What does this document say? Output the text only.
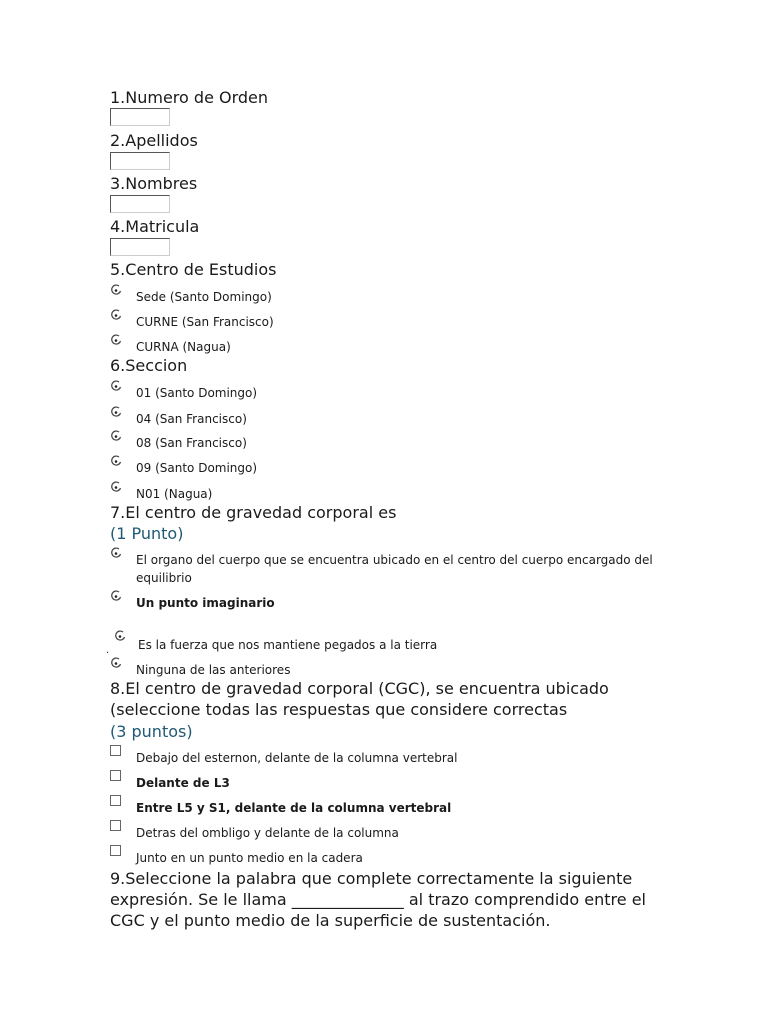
1.Numero de Orden
2.Apellidos
3.Nombres
4.Matricula
5.Centro de Estudios
Sede (Santo Domingo)
CURNE (San Francisco)
CURNA (Nagua)
6.Seccion
01 (Santo Domingo)
04 (San Francisco)
08 (San Francisco)
09 (Santo Domingo)
N01 (Nagua)
7.El centro de gravedad corporal es
(1 Punto)
El organo del cuerpo que se encuentra ubicado en el centro del cuerpo encargado del equilibrio
Un punto imaginario
. Es la fuerza que nos mantiene pegados a la tierra
Ninguna de las anteriores
8.El centro de gravedad corporal (CGC), se encuentra ubicado (seleccione todas las respuestas que considere correctas
(3 puntos)
Debajo del esternon, delante de la columna vertebral
Delante de L3
Entre L5 y S1, delante de la columna vertebral
Detras del ombligo y delante de la columna
Junto en un punto medio en la cadera
9.Seleccione la palabra que complete correctamente la siguiente expresión. Se le llama ______________ al trazo comprendido entre el CGC y el punto medio de la superficie de sustentación.
